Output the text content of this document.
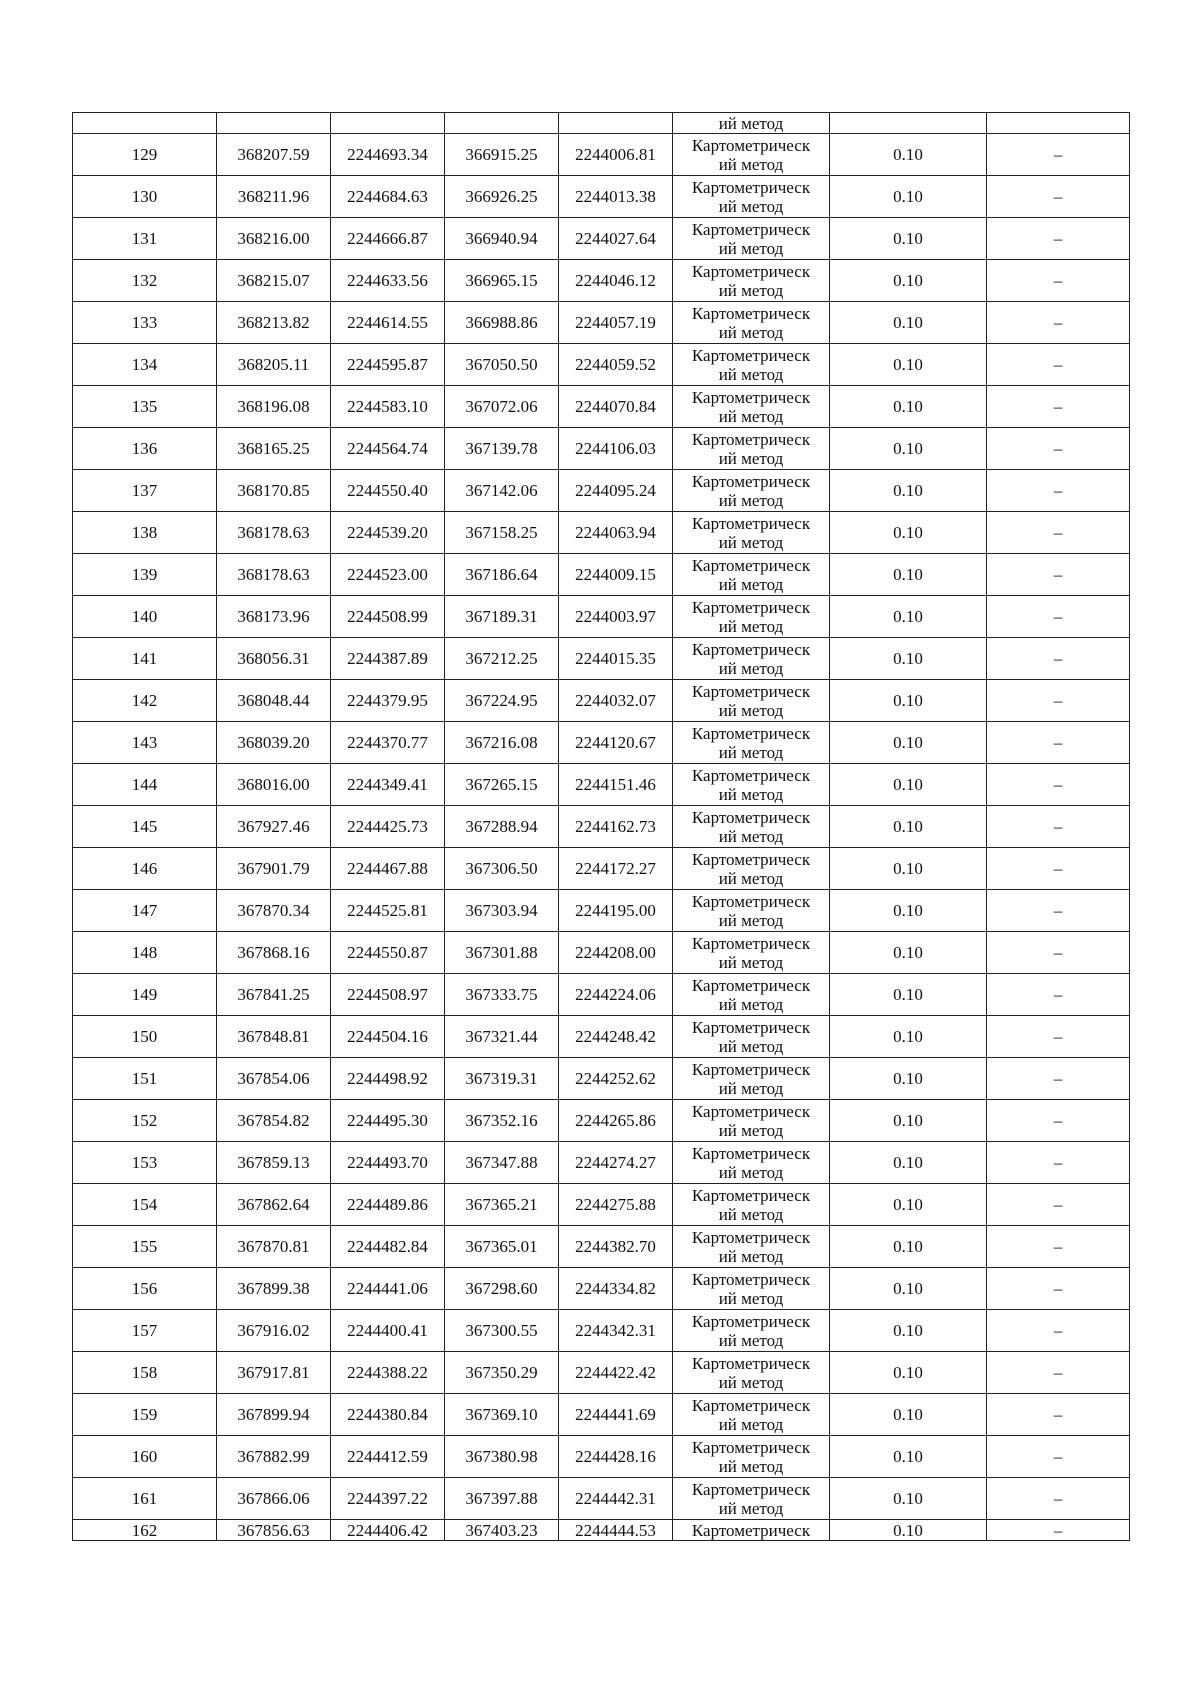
					ий метод		
129	368207.59	2244693.34	366915.25	2244006.81	Картометрическ
ий метод	0.10	–
130	368211.96	2244684.63	366926.25	2244013.38	Картометрическ
ий метод	0.10	–
131	368216.00	2244666.87	366940.94	2244027.64	Картометрическ
ий метод	0.10	–
132	368215.07	2244633.56	366965.15	2244046.12	Картометрическ
ий метод	0.10	–
133	368213.82	2244614.55	366988.86	2244057.19	Картометрическ
ий метод	0.10	–
134	368205.11	2244595.87	367050.50	2244059.52	Картометрическ
ий метод	0.10	–
135	368196.08	2244583.10	367072.06	2244070.84	Картометрическ
ий метод	0.10	–
136	368165.25	2244564.74	367139.78	2244106.03	Картометрическ
ий метод	0.10	–
137	368170.85	2244550.40	367142.06	2244095.24	Картометрическ
ий метод	0.10	–
138	368178.63	2244539.20	367158.25	2244063.94	Картометрическ
ий метод	0.10	–
139	368178.63	2244523.00	367186.64	2244009.15	Картометрическ
ий метод	0.10	–
140	368173.96	2244508.99	367189.31	2244003.97	Картометрическ
ий метод	0.10	–
141	368056.31	2244387.89	367212.25	2244015.35	Картометрическ
ий метод	0.10	–
142	368048.44	2244379.95	367224.95	2244032.07	Картометрическ
ий метод	0.10	–
143	368039.20	2244370.77	367216.08	2244120.67	Картометрическ
ий метод	0.10	–
144	368016.00	2244349.41	367265.15	2244151.46	Картометрическ
ий метод	0.10	–
145	367927.46	2244425.73	367288.94	2244162.73	Картометрическ
ий метод	0.10	–
146	367901.79	2244467.88	367306.50	2244172.27	Картометрическ
ий метод	0.10	–
147	367870.34	2244525.81	367303.94	2244195.00	Картометрическ
ий метод	0.10	–
148	367868.16	2244550.87	367301.88	2244208.00	Картометрическ
ий метод	0.10	–
149	367841.25	2244508.97	367333.75	2244224.06	Картометрическ
ий метод	0.10	–
150	367848.81	2244504.16	367321.44	2244248.42	Картометрическ
ий метод	0.10	–
151	367854.06	2244498.92	367319.31	2244252.62	Картометрическ
ий метод	0.10	–
152	367854.82	2244495.30	367352.16	2244265.86	Картометрическ
ий метод	0.10	–
153	367859.13	2244493.70	367347.88	2244274.27	Картометрическ
ий метод	0.10	–
154	367862.64	2244489.86	367365.21	2244275.88	Картометрическ
ий метод	0.10	–
155	367870.81	2244482.84	367365.01	2244382.70	Картометрическ
ий метод	0.10	–
156	367899.38	2244441.06	367298.60	2244334.82	Картометрическ
ий метод	0.10	–
157	367916.02	2244400.41	367300.55	2244342.31	Картометрическ
ий метод	0.10	–
158	367917.81	2244388.22	367350.29	2244422.42	Картометрическ
ий метод	0.10	–
159	367899.94	2244380.84	367369.10	2244441.69	Картометрическ
ий метод	0.10	–
160	367882.99	2244412.59	367380.98	2244428.16	Картометрическ
ий метод	0.10	–
161	367866.06	2244397.22	367397.88	2244442.31	Картометрическ
ий метод	0.10	–
162	367856.63	2244406.42	367403.23	2244444.53	Картометрическ	0.10	–
